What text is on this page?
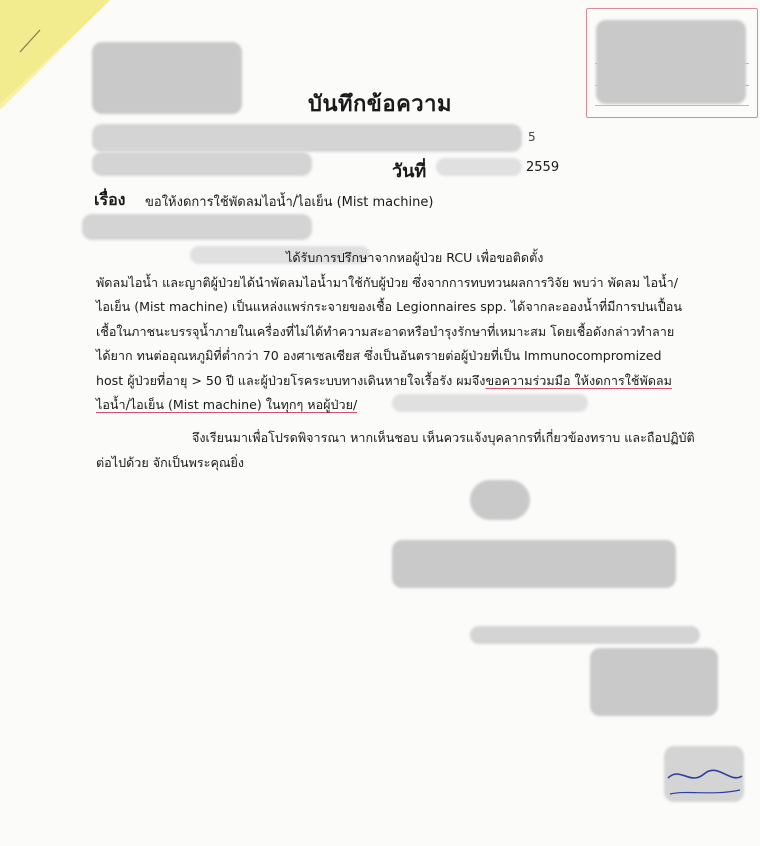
บันทึกข้อความ
5
วันที่	2559
เรื่อง ขอให้งดการใช้พัดลมไอน้ำ/ไอเย็น (Mist machine)
ได้รับการปรึกษาจากหอผู้ป่วย RCU เพื่อขอติดตั้ง
พัดลมไอน้ำ และญาติผู้ป่วยได้นำพัดลมไอน้ำมาใช้กับผู้ป่วย ซึ่งจากการทบทวนผลการวิจัย พบว่า พัดลม ไอน้ำ/
ไอเย็น (Mist machine) เป็นแหล่งแพร่กระจายของเชื้อ Legionnaires spp. ได้จากละอองน้ำที่มีการปนเปื้อน
เชื้อในภาชนะบรรจุน้ำภายในเครื่องที่ไม่ได้ทำความสะอาดหรือบำรุงรักษาที่เหมาะสม โดยเชื้อดังกล่าวทำลาย
ได้ยาก ทนต่ออุณหภูมิที่ต่ำกว่า 70 องศาเซลเซียส ซึ่งเป็นอันตรายต่อผู้ป่วยที่เป็น Immunocompromized
host ผู้ป่วยที่อายุ > 50 ปี และผู้ป่วยโรคระบบทางเดินหายใจเรื้อรัง ผมจึงขอความร่วมมือ ให้งดการใช้พัดลม
ไอน้ำ/ไอเย็น (Mist machine) ในทุกๆ หอผู้ป่วย/
จึงเรียนมาเพื่อโปรดพิจารณา หากเห็นชอบ เห็นควรแจ้งบุคลากรที่เกี่ยวข้องทราบ และถือปฏิบัติ
ต่อไปด้วย จักเป็นพระคุณยิ่ง
